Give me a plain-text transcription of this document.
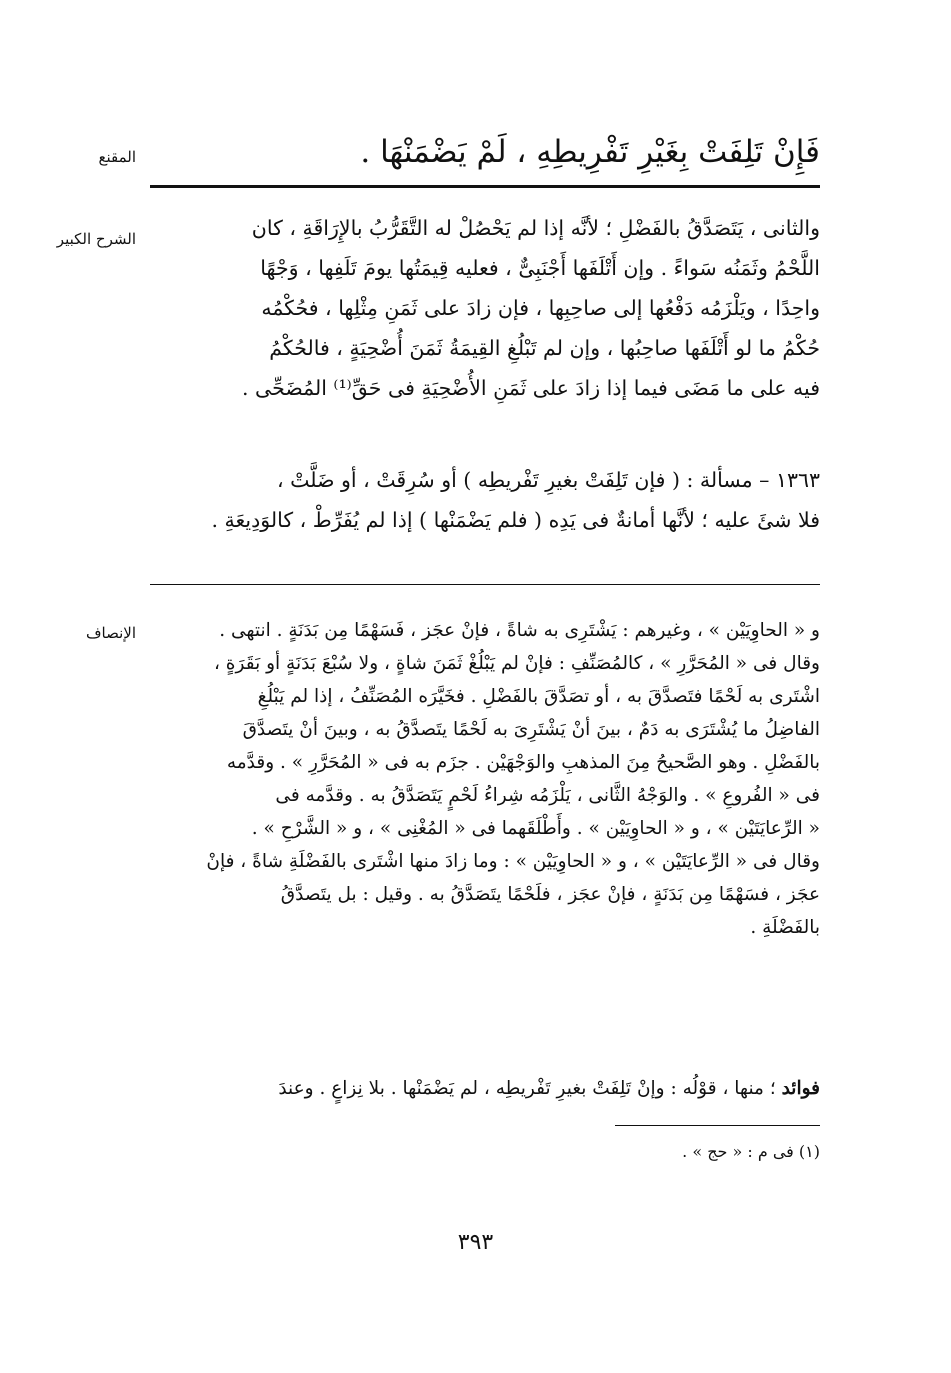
المقنع	فَإِنْ تَلِفَتْ بِغَيْرِ تَفْرِيطِهِ ، لَمْ يَضْمَنْهَا .
الشرح الكبير	والثانى ، يَتَصَدَّقُ بالفَضْلِ ؛ لأنَّه إذا لم يَحْصُلْ له التَّقَرُّبُ بالإِرَاقَةِ ، كان

اللَّحْمُ وثَمَنُه سَواءً . وإن أَتْلَفَها أَجْنَبِىٌّ ، فعليه قِيمَتُها يومَ تَلَفِها ، وَجْهًا

واحِدًا ، ويَلْزَمُه دَفْعُها إلى صاحِبِها ، فإن زادَ على ثَمَنِ مِثْلِها ، فحُكْمُه

حُكْمُ ما لو أَتْلَفَها صاحِبُها ، وإن لم تَبْلُغِ القِيمَةُ ثَمَنَ أُضْحِيَةٍ ، فالحُكْمُ

فيه على ما مَضَى فيما إذا زادَ على ثَمَنِ الأُضْحِيَةِ فى حَقِّ⁽¹⁾ المُضَحِّى .

١٣٦٣ – مسألة : ( فإن تَلِفَتْ بغيرِ تَفْريطِه ) أو سُرِقَتْ ، أو ضَلَّتْ ،

فلا شئَ عليه ؛ لأنَّها أمانةٌ فى يَدِه ( فلم يَضْمَنْها ) إذا لم يُفَرِّطْ ، كالوَدِيعَةِ .

الإنصاف	و « الحاوِيَيْن » ، وغيرهم : يَشْتَرِى به شاةً ، فإنْ عجَز ، فَسَهْمًا مِن بَدَنَةٍ . انتهى .

وقال فى « المُحَرَّرِ » ، كالمُصَنِّفِ : فإنْ لم يَبْلُغْ ثَمَنَ شاةٍ ، ولا سُبْعَ بَدَنَةٍ أو بَقَرَةٍ ،

اشْتَرى به لَحْمًا فتَصدَّقَ به ، أو تصَدَّقَ بالفَضْلِ . فخَيَّرَه المُصَنِّفُ ، إذا لم يَبْلُغِ

الفاضِلُ ما يُشْتَرَى به دَمٌ ، بينَ أنْ يَشْتَرِىَ به لَحْمًا يتَصدَّقُ به ، وبينَ أنْ يتَصدَّقَ

بالفَضْلِ . وهو الصَّحيحُ مِنَ المذهبِ والوَجْهَيْن . جزَم به فى « المُحَرَّرِ » . وقدَّمه

فى « الفُروعِ » . والوَجْهُ الثَّانى ، يَلْزَمُه شِراءُ لَحْمٍ يَتَصَدَّقُ به . وقدَّمه فى

« الرِّعايَتَيْن » ، و « الحاوِيَيْن » . وأَطْلَقَهما فى « المُغْنِى » ، و « الشَّرْحِ » .

وقال فى « الرِّعايَتَيْن » ، و « الحاوِيَيْن » : وما زادَ منها اشْتَرى بالفَضْلَةِ شاةً ، فإنْ

عجَز ، فسَهْمًا مِن بَدَنَةٍ ، فإنْ عجَز ، فلَحْمًا يتَصَدَّقُ به . وقيل : بل يتَصدَّقُ

بالفَضْلَةِ .

فوائد ؛ منها ، قوْلُه : وإنْ تَلِفَتْ بغيرِ تَفْريطِه ، لم يَضْمَنْها . بلا نِزاعٍ . وعندَ

(١) فى م : « حج » .
٣٩٣
